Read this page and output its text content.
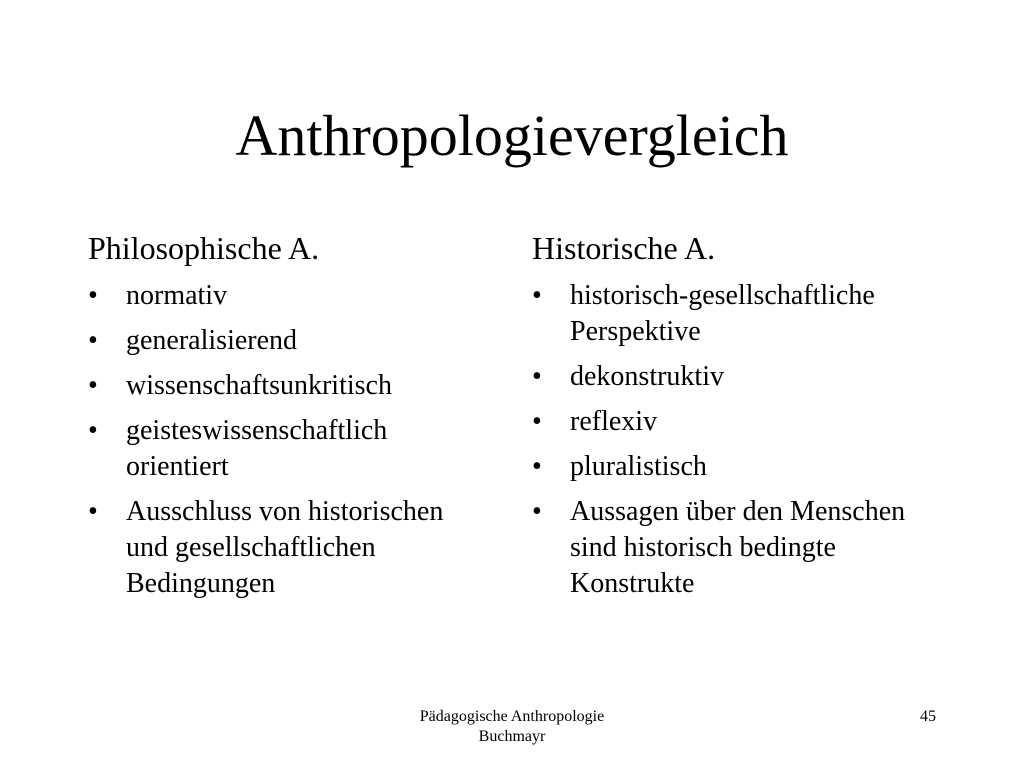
Anthropologievergleich
Philosophische A.
• normativ
• generalisierend
• wissenschaftsunkritisch
• geisteswissenschaftlich orientiert
• Ausschluss von historischen und gesellschaftlichen Bedingungen
Historische A.
• historisch-gesellschaftliche Perspektive
• dekonstruktiv
• reflexiv
• pluralistisch
• Aussagen über den Menschen sind historisch bedingte Konstrukte
Pädagogische Anthropologie
Buchmayr
45
